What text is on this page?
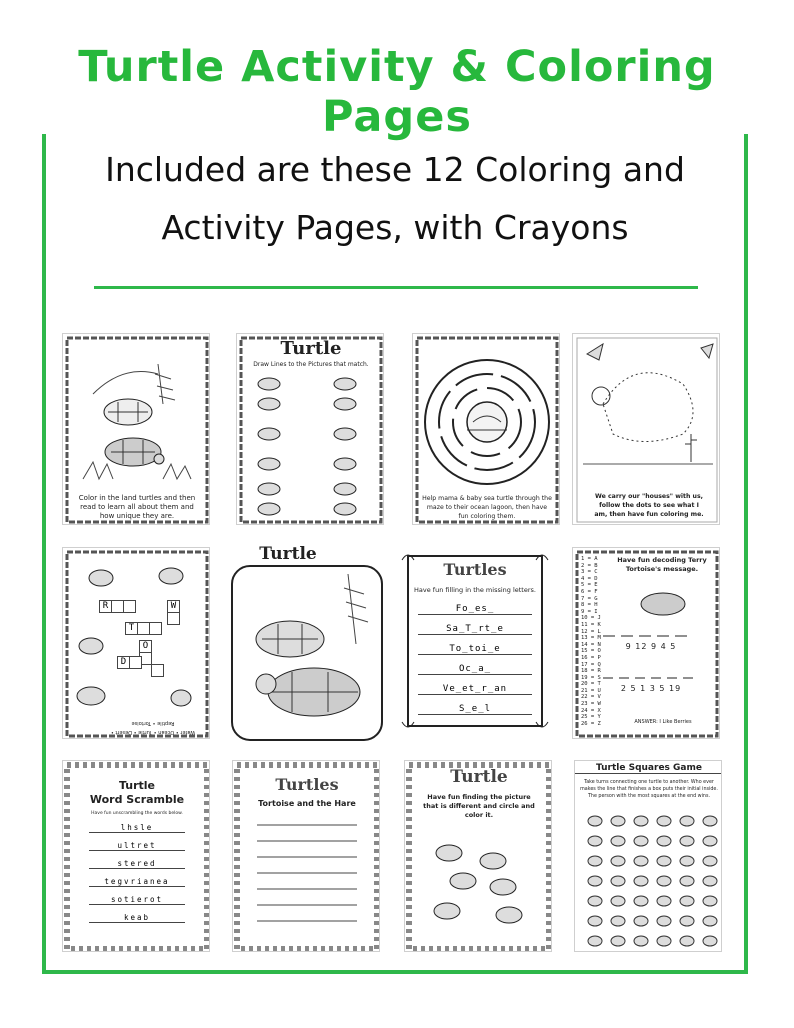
Turtle Activity & Coloring Pages
Included are these 12 Coloring and
Activity Pages, with Crayons
Color in the land turtles and then read to learn all about them and how unique they are.
Turtle
Draw Lines to the Pictures that match.
Help mama & baby sea turtle through the maze to their ocean lagoon, then have fun coloring them.
We carry our "houses" with us, follow the dots to see what I am, then have fun coloring me.
R	W
T
O
D
Water • Ocean • Turtle • Desert • Reptile • Tortoise
Turtle
Turtles
Have fun filling in the missing letters.
Fo_es_
Sa_T_rt_e
To_toi_e
Oc_a_
Ve_et_r_an
S_e_l
1 = A
2 = B
3 = C
4 = D
5 = E
6 = F
7 = G
8 = H
9 = I
10 = J
11 = K
12 = L
13 = M
14 = N
15 = O
16 = P
17 = Q
18 = R
19 = S
20 = T
21 = U
22 = V
23 = W
24 = X
25 = Y
26 = Z
Have fun decoding Terry Tortoise's message.
9 12 9 4 5
2 5 1 3 5 19
ANSWER: I Like Berries
Turtle
Word Scramble
Have fun unscrambling the words below.
lhsle
ultret
stered
tegvrianea
sotierot
keab
Turtles
Tortoise and the Hare
Turtle
Have fun finding the picture that is different and circle and color it.
Turtle Squares Game
Take turns connecting one turtle to another. Who ever makes the line that finishes a box puts their initial inside. The person with the most squares at the end wins.
